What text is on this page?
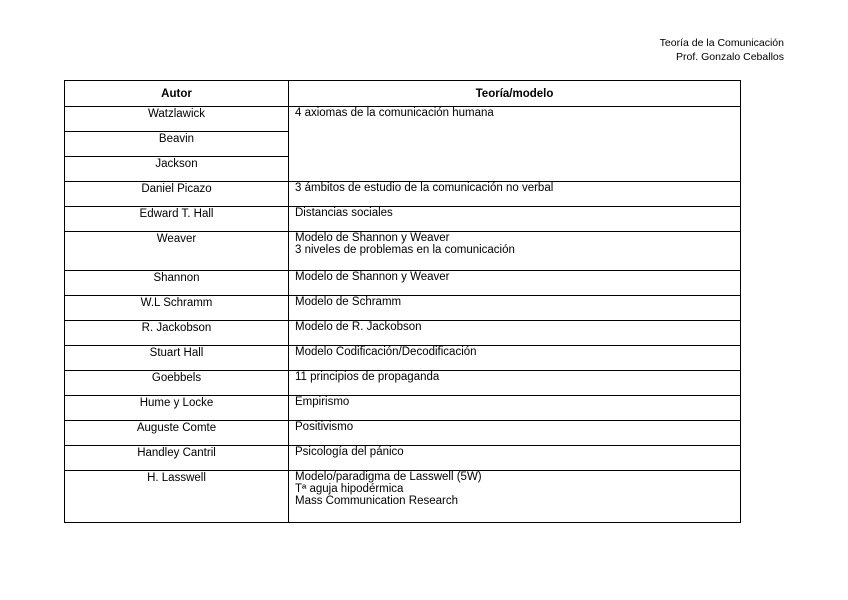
Teoría de la Comunicación
Prof. Gonzalo Ceballos
Autor	Teoría/modelo
Watzlawick	4 axiomas de la comunicación humana

Beavin	
Jackson	
Daniel Picazo	3 ámbitos de estudio de la comunicación no verbal

Edward T. Hall	Distancias sociales

Weaver	Modelo de Shannon y Weaver
3 niveles de problemas en la comunicación

Shannon	Modelo de Shannon y Weaver

W.L Schramm	Modelo de Schramm

R. Jackobson	Modelo de R. Jackobson

Stuart Hall	Modelo Codificación/Decodificación

Goebbels	11 principios de propaganda

Hume y Locke	Empirismo

Auguste Comte	Positivismo

Handley Cantril	Psicología del pánico

H. Lasswell	Modelo/paradigma de Lasswell (5W)
Tª aguja hipodérmica
Mass Communication Research
